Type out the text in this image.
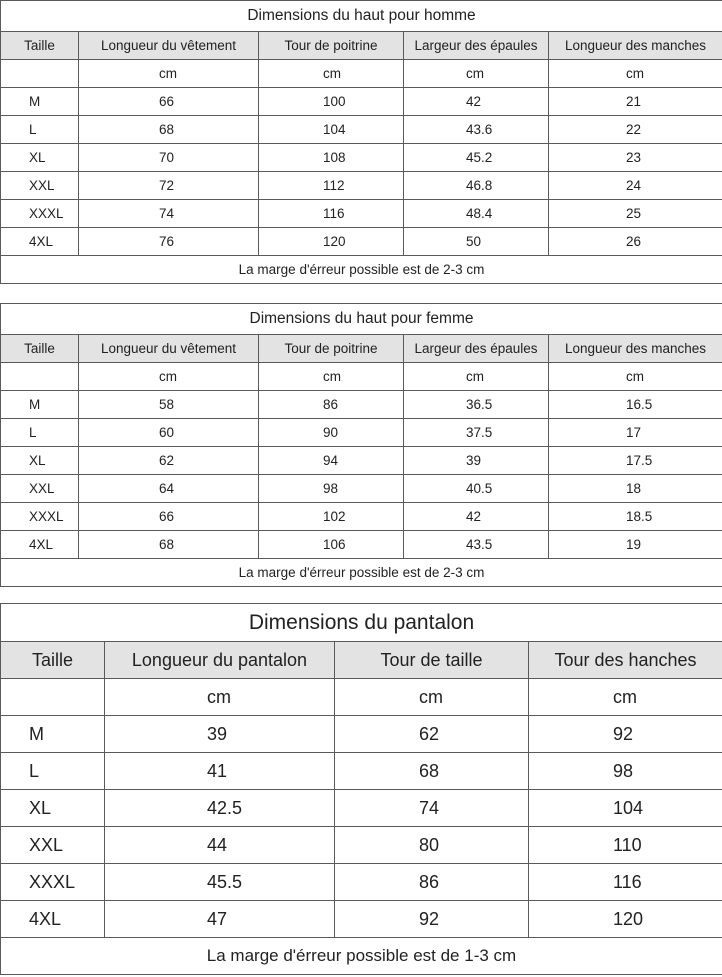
Dimensions du haut pour homme				
Taille	Longueur du vêtement	Tour de poitrine	Largeur des épaules	Longueur des manches
	cm	cm	cm	cm
M	66	100	42	21
L	68	104	43.6	22
XL	70	108	45.2	23
XXL	72	112	46.8	24
XXXL	74	116	48.4	25
4XL	76	120	50	26
La marge d'érreur possible est de 2-3 cm				
Dimensions du haut pour femme				
Taille	Longueur du vêtement	Tour de poitrine	Largeur des épaules	Longueur des manches
	cm	cm	cm	cm
M	58	86	36.5	16.5
L	60	90	37.5	17
XL	62	94	39	17.5
XXL	64	98	40.5	18
XXXL	66	102	42	18.5
4XL	68	106	43.5	19
La marge d'érreur possible est de 2-3 cm				
Dimensions du pantalon			
Taille	Longueur du pantalon	Tour de taille	Tour des hanches
	cm	cm	cm
M	39	62	92
L	41	68	98
XL	42.5	74	104
XXL	44	80	110
XXXL	45.5	86	116
4XL	47	92	120
La marge d'érreur possible est de 1-3 cm			
